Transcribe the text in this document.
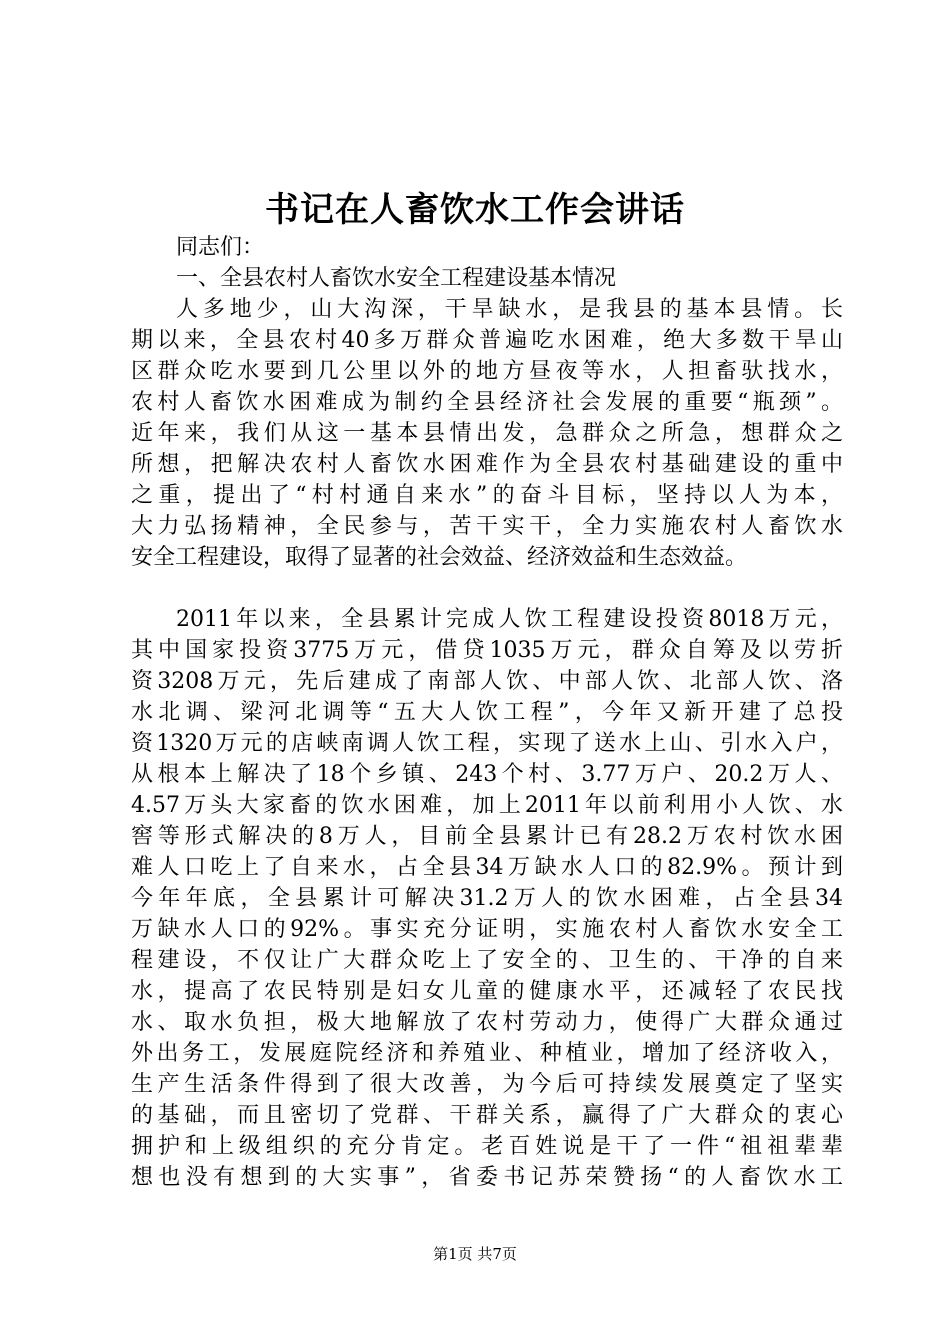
书记在人畜饮水工作会讲话
同志们：
一、全县农村人畜饮水安全工程建设基本情况
人多地少，山大沟深，干旱缺水，是我县的基本县情。长
期以来，全县农村40多万群众普遍吃水困难，绝大多数干旱山
区群众吃水要到几公里以外的地方昼夜等水，人担畜驮找水，
农村人畜饮水困难成为制约全县经济社会发展的重要“瓶颈”。
近年来，我们从这一基本县情出发，急群众之所急，想群众之
所想，把解决农村人畜饮水困难作为全县农村基础建设的重中
之重，提出了“村村通自来水”的奋斗目标，坚持以人为本，
大力弘扬精神，全民参与，苦干实干，全力实施农村人畜饮水
安全工程建设，取得了显著的社会效益、经济效益和生态效益。
2011年以来，全县累计完成人饮工程建设投资8018万元，
其中国家投资3775万元，借贷1035万元，群众自筹及以劳折
资3208万元，先后建成了南部人饮、中部人饮、北部人饮、洛
水北调、梁河北调等“五大人饮工程”，今年又新开建了总投
资1320万元的店峡南调人饮工程，实现了送水上山、引水入户，
从根本上解决了18个乡镇、243个村、3.77万户、20.2万人、
4.57万头大家畜的饮水困难，加上2011年以前利用小人饮、水
窖等形式解决的8万人，目前全县累计已有28.2万农村饮水困
难人口吃上了自来水，占全县34万缺水人口的82.9%。预计到
今年年底，全县累计可解决31.2万人的饮水困难，占全县34
万缺水人口的92%。事实充分证明，实施农村人畜饮水安全工
程建设，不仅让广大群众吃上了安全的、卫生的、干净的自来
水，提高了农民特别是妇女儿童的健康水平，还减轻了农民找
水、取水负担，极大地解放了农村劳动力，使得广大群众通过
外出务工，发展庭院经济和养殖业、种植业，增加了经济收入，
生产生活条件得到了很大改善，为今后可持续发展奠定了坚实
的基础，而且密切了党群、干群关系，赢得了广大群众的衷心
拥护和上级组织的充分肯定。老百姓说是干了一件“祖祖辈辈
想也没有想到的大实事”，省委书记苏荣赞扬“的人畜饮水工
第1页 共7页
